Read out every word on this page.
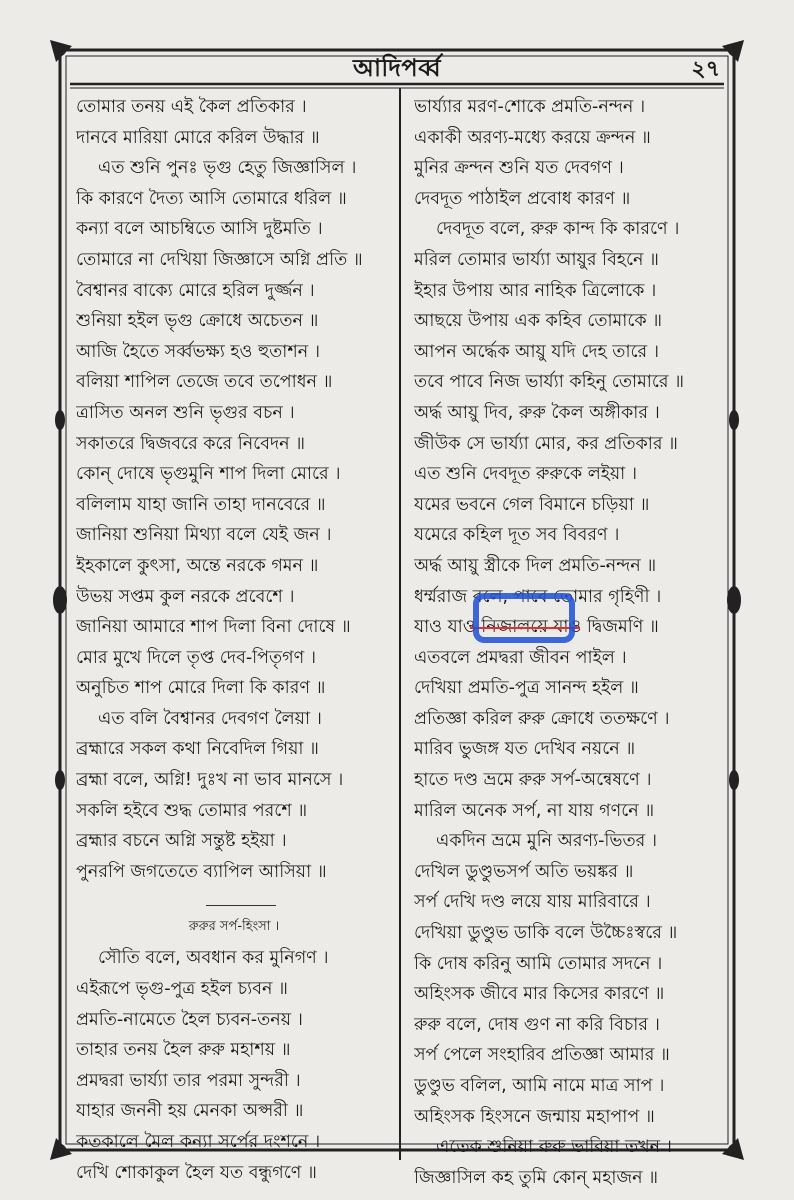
আদিপর্ব্ব	২৭
তোমার তনয় এই কৈল প্রতিকার ।
দানবে মারিয়া মোরে করিল উদ্ধার ॥
এত শুনি পুনঃ ভৃগু হেতু জিজ্ঞাসিল ।
কি কারণে দৈত্য আসি তোমারে ধরিল ॥
কন্যা বলে আচম্বিতে আসি দুষ্টমতি ।
তোমারে না দেখিয়া জিজ্ঞাসে অগ্নি প্রতি ॥
বৈশ্বানর বাক্যে মোরে হরিল দুর্জ্জন ।
শুনিয়া হইল ভৃগু ক্রোধে অচেতন ॥
আজি হৈতে সর্ব্বভক্ষ্য হও হুতাশন ।
বলিয়া শাপিল তেজে তবে তপোধন ॥
ত্রাসিত অনল শুনি ভৃগুর বচন ।
সকাতরে দ্বিজবরে করে নিবেদন ॥
কোন্ দোষে ভৃগুমুনি শাপ দিলা মোরে ।
বলিলাম যাহা জানি তাহা দানবেরে ॥
জানিয়া শুনিয়া মিথ্যা বলে যেই জন ।
ইহকালে কুৎসা, অন্তে নরকে গমন ॥
উভয় সপ্তম কুল নরকে প্রবেশে ।
জানিয়া আমারে শাপ দিলা বিনা দোষে ॥
মোর মুখে দিলে তৃপ্ত দেব-পিতৃগণ ।
অনুচিত শাপ মোরে দিলা কি কারণ ॥
এত বলি বৈশ্বানর দেবগণ লৈয়া ।
ব্রহ্মারে সকল কথা নিবেদিল গিয়া ॥
ব্রহ্মা বলে, অগ্নি! দুঃখ না ভাব মানসে ।
সকলি হইবে শুদ্ধ তোমার পরশে ॥
ব্রহ্মার বচনে অগ্নি সন্তুষ্ট হইয়া ।
পুনরপি জগতেতে ব্যাপিল আসিয়া ॥
রুরুর সর্প-হিংসা ।
সৌতি বলে, অবধান কর মুনিগণ ।
এইরূপে ভৃগু-পুত্র হইল চ্যবন ॥
প্রমতি-নামেতে হৈল চ্যবন-তনয় ।
তাহার তনয় হৈল রুরু মহাশয় ॥
প্রমদ্বরা ভার্য্যা তার পরমা সুন্দরী ।
যাহার জননী হয় মেনকা অপ্সরী ॥
কতকালে মৈল কন্যা সর্পের দংশনে ।
দেখি শোকাকুল হৈল যত বন্ধুগণে ॥
ভার্য্যার মরণ-শোকে প্রমতি-নন্দন ।
একাকী অরণ্য-মধ্যে করয়ে ক্রন্দন ॥
মুনির ক্রন্দন শুনি যত দেবগণ ।
দেবদূত পাঠাইল প্রবোধ কারণ ॥
দেবদূত বলে, রুরু কান্দ কি কারণে ।
মরিল তোমার ভার্য্যা আয়ুর বিহনে ॥
ইহার উপায় আর নাহিক ত্রিলোকে ।
আছয়ে উপায় এক কহিব তোমাকে ॥
আপন অর্দ্ধেক আয়ু যদি দেহ তারে ।
তবে পাবে নিজ ভার্য্যা কহিনু তোমারে ॥
অর্দ্ধ আয়ু দিব, রুরু কৈল অঙ্গীকার ।
জীউক সে ভার্য্যা মোর, কর প্রতিকার ॥
এত শুনি দেবদূত রুরুকে লইয়া ।
যমের ভবনে গেল বিমানে চড়িয়া ॥
যমেরে কহিল দূত সব বিবরণ ।
অর্দ্ধ আয়ু স্ত্রীকে দিল প্রমতি-নন্দন ॥
ধর্ম্মরাজ বলে, পাবে তোমার গৃহিণী ।
যাও যাও নিজালয়ে যাও দ্বিজমণি ॥
এতবলে প্রমদ্বরা জীবন পাইল ।
দেখিয়া প্রমতি-পুত্র সানন্দ হইল ॥
প্রতিজ্ঞা করিল রুরু ক্রোধে ততক্ষণে ।
মারিব ভুজঙ্গ যত দেখিব নয়নে ॥
হাতে দণ্ড ভ্রমে রুরু সর্প-অন্বেষণে ।
মারিল অনেক সর্প, না যায় গণনে ॥
একদিন ভ্রমে মুনি অরণ্য-ভিতর ।
দেখিল ডুণ্ডুভসর্প অতি ভয়ঙ্কর ॥
সর্প দেখি দণ্ড লয়ে যায় মারিবারে ।
দেখিয়া ডুণ্ডুভ ডাকি বলে উচ্চৈঃস্বরে ॥
কি দোষ করিনু আমি তোমার সদনে ।
অহিংসক জীবে মার কিসের কারণে ॥
রুরু বলে, দোষ গুণ না করি বিচার ।
সর্প পেলে সংহারিব প্রতিজ্ঞা আমার ॥
ডুণ্ডুভ বলিল, আমি নামে মাত্র সাপ ।
অহিংসক হিংসনে জন্মায় মহাপাপ ॥
এতেক শুনিয়া রুরু ভাবিয়া তখন ।
জিজ্ঞাসিল কহ তুমি কোন্ মহাজন ॥
